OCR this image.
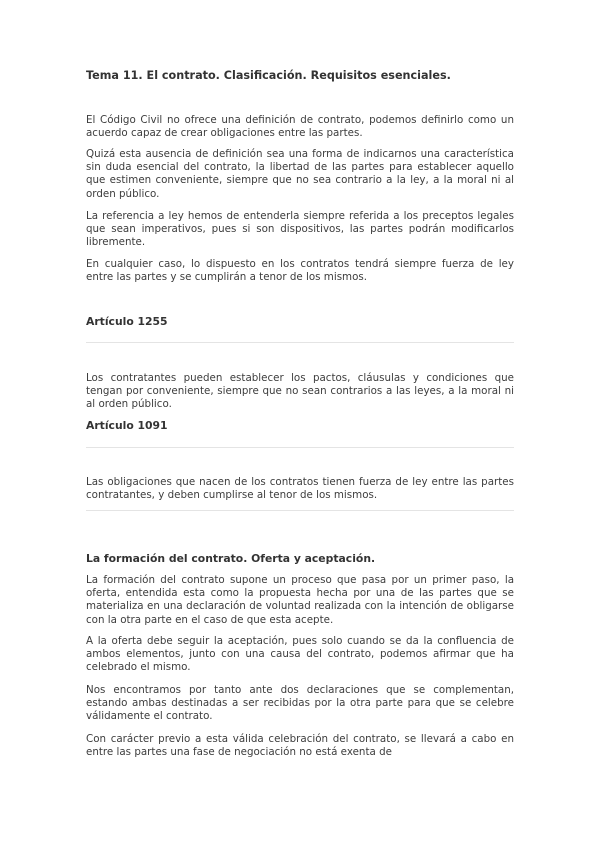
Tema 11. El contrato. Clasificación. Requisitos esenciales.

El Código Civil no ofrece una definición de contrato, podemos definirlo como un acuerdo capaz de crear obligaciones entre las partes.

Quizá esta ausencia de definición sea una forma de indicarnos una característica sin duda esencial del contrato, la libertad de las partes para establecer aquello que estimen conveniente, siempre que no sea contrario a la ley, a la moral ni al orden público.

La referencia a ley hemos de entenderla siempre referida a los preceptos legales que sean imperativos, pues si son dispositivos, las partes podrán modificarlos libremente.

En cualquier caso, lo dispuesto en los contratos tendrá siempre fuerza de ley entre las partes y se cumplirán a tenor de los mismos.

Artículo 1255

Los contratantes pueden establecer los pactos, cláusulas y condiciones que tengan por conveniente, siempre que no sean contrarios a las leyes, a la moral ni al orden público.

Artículo 1091

Las obligaciones que nacen de los contratos tienen fuerza de ley entre las partes contratantes, y deben cumplirse al tenor de los mismos.

La formación del contrato. Oferta y aceptación.

La formación del contrato supone un proceso que pasa por un primer paso, la oferta, entendida esta como la propuesta hecha por una de las partes que se materializa en una declaración de voluntad realizada con la intención de obligarse con la otra parte en el caso de que esta acepte.

A la oferta debe seguir la aceptación, pues solo cuando se da la confluencia de ambos elementos, junto con una causa del contrato, podemos afirmar que ha celebrado el mismo.

Nos encontramos por tanto ante dos declaraciones que se complementan, estando ambas destinadas a ser recibidas por la otra parte para que se celebre válidamente el contrato.

Con carácter previo a esta válida celebración del contrato, se llevará a cabo en entre las partes una fase de negociación no está exenta de
